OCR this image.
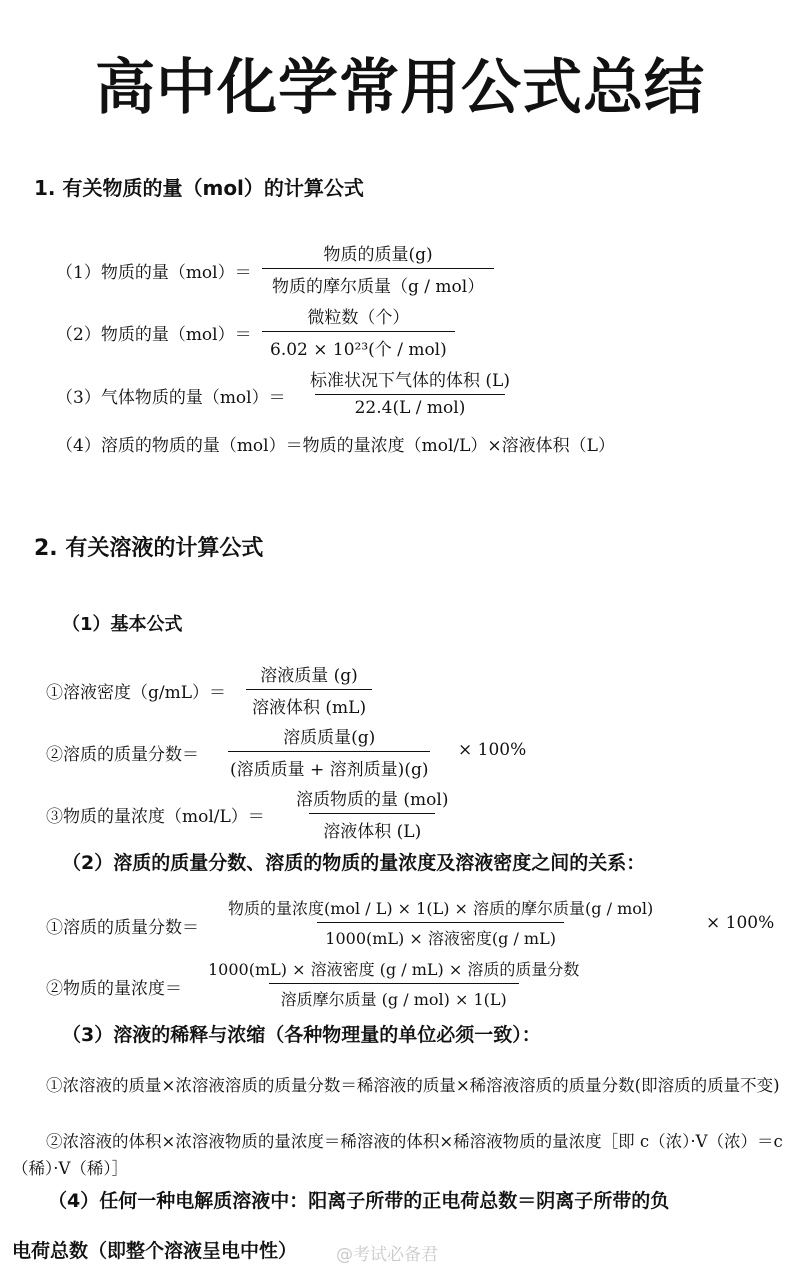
高中化学常用公式总结
1. 有关物质的量（mol）的计算公式
（1）物质的量（mol）＝
物质的质量(g)
物质的摩尔质量（g / mol）
（2）物质的量（mol）＝
微粒数（个）
6.02 × 10²³(个 / mol)
（3）气体物质的量（mol）＝
标准状况下气体的体积 (L)
22.4(L / mol)
（4）溶质的物质的量（mol）＝物质的量浓度（mol/L）×溶液体积（L）
2. 有关溶液的计算公式
（1）基本公式
①溶液密度（g/mL）＝
溶液质量 (g)
溶液体积 (mL)
②溶质的质量分数＝
溶质质量(g)
(溶质质量 + 溶剂质量)(g)
× 100%
③物质的量浓度（mol/L）＝
溶质物质的量 (mol)
溶液体积 (L)
（2）溶质的质量分数、溶质的物质的量浓度及溶液密度之间的关系：
①溶质的质量分数＝
物质的量浓度(mol / L) × 1(L) × 溶质的摩尔质量(g / mol)
1000(mL) × 溶液密度(g / mL)
× 100%
②物质的量浓度＝
1000(mL) × 溶液密度 (g / mL) × 溶质的质量分数
溶质摩尔质量 (g / mol) × 1(L)
（3）溶液的稀释与浓缩（各种物理量的单位必须一致）：
①浓溶液的质量×浓溶液溶质的质量分数＝稀溶液的质量×稀溶液溶质的质量分数(即溶质的质量不变)
②浓溶液的体积×浓溶液物质的量浓度＝稀溶液的体积×稀溶液物质的量浓度［即 c（浓）·V（浓）＝c（稀）·V（稀）］
（4）任何一种电解质溶液中：阳离子所带的正电荷总数＝阴离子所带的负
电荷总数（即整个溶液呈电中性） @考试必备君
